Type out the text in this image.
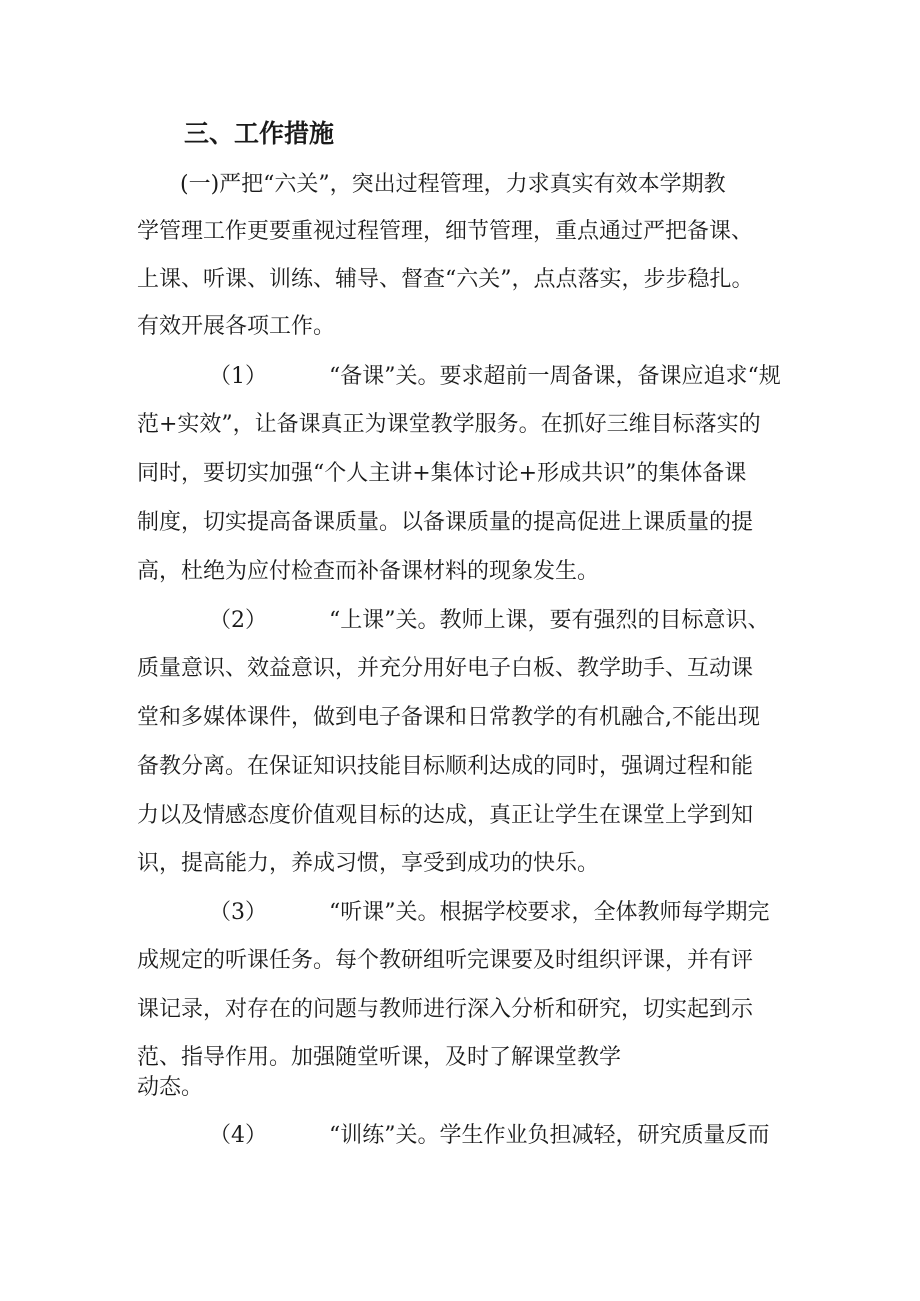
三、工作措施
(一)严把“六关”，突出过程管理，力求真实有效本学期教
学管理工作更要重视过程管理，细节管理，重点通过严把备课、
上课、听课、训练、辅导、督查“六关”，点点落实，步步稳扎。
有效开展各项工作。
（1）	“备课”关。要求超前一周备课，备课应追求“规
范+实效”，让备课真正为课堂教学服务。在抓好三维目标落实的
同时，要切实加强“个人主讲+集体讨论+形成共识”的集体备课
制度，切实提高备课质量。以备课质量的提高促进上课质量的提
高，杜绝为应付检查而补备课材料的现象发生。
（2）	“上课”关。教师上课，要有强烈的目标意识、
质量意识、效益意识，并充分用好电子白板、教学助手、互动课
堂和多媒体课件，做到电子备课和日常教学的有机融合,不能出现
备教分离。在保证知识技能目标顺利达成的同时，强调过程和能
力以及情感态度价值观目标的达成，真正让学生在课堂上学到知
识，提高能力，养成习惯，享受到成功的快乐。
（3）	“听课”关。根据学校要求，全体教师每学期完
成规定的听课任务。每个教研组听完课要及时组织评课，并有评
课记录，对存在的问题与教师进行深入分析和研究，切实起到示
范、指导作用。加强随堂听课，及时了解课堂教学
动态。
（4）	“训练”关。学生作业负担减轻，研究质量反而
